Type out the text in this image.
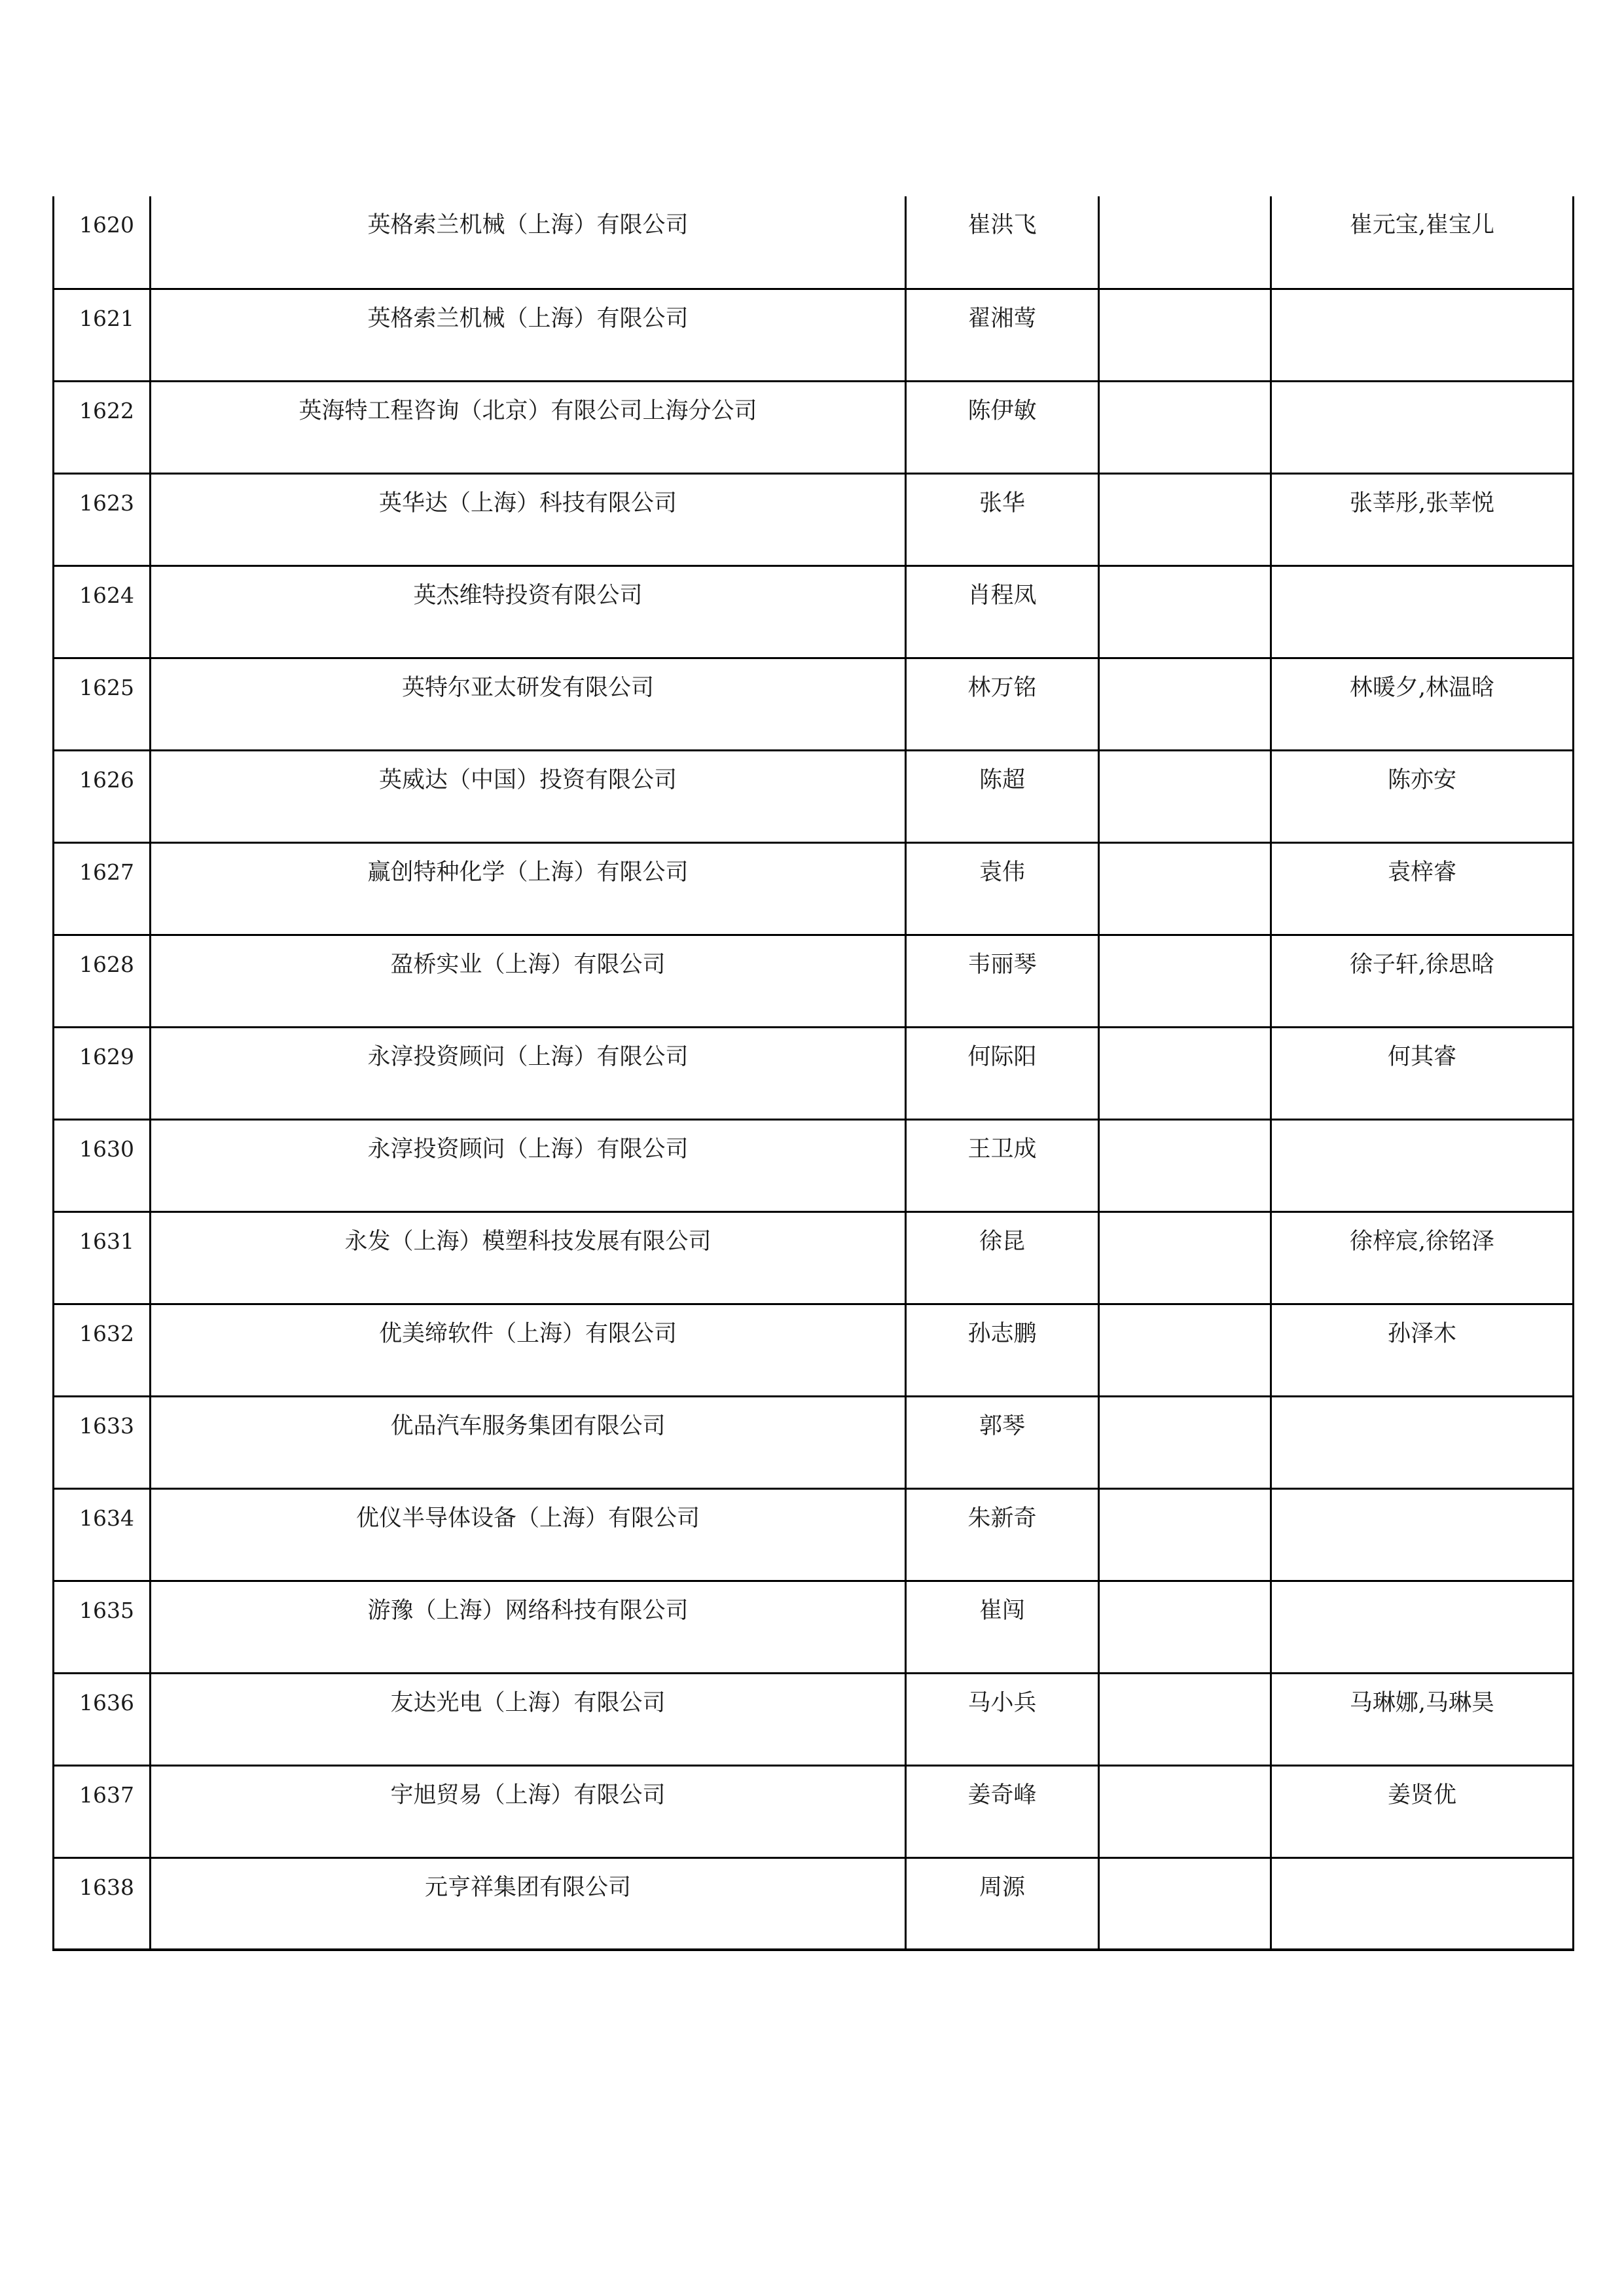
1620	英格索兰机械（上海）有限公司	崔洪飞		崔元宝,崔宝儿
1621	英格索兰机械（上海）有限公司	翟湘莺		
1622	英海特工程咨询（北京）有限公司上海分公司	陈伊敏		
1623	英华达（上海）科技有限公司	张华		张莘彤,张莘悦
1624	英杰维特投资有限公司	肖程凤		
1625	英特尔亚太研发有限公司	林万铭		林暖夕,林温晗
1626	英威达（中国）投资有限公司	陈超		陈亦安
1627	赢创特种化学（上海）有限公司	袁伟		袁梓睿
1628	盈桥实业（上海）有限公司	韦丽琴		徐子轩,徐思晗
1629	永淳投资顾问（上海）有限公司	何际阳		何其睿
1630	永淳投资顾问（上海）有限公司	王卫成		
1631	永发（上海）模塑科技发展有限公司	徐昆		徐梓宸,徐铭泽
1632	优美缔软件（上海）有限公司	孙志鹏		孙泽木
1633	优品汽车服务集团有限公司	郭琴		
1634	优仪半导体设备（上海）有限公司	朱新奇		
1635	游豫（上海）网络科技有限公司	崔闯		
1636	友达光电（上海）有限公司	马小兵		马琳娜,马琳昊
1637	宇旭贸易（上海）有限公司	姜奇峰		姜贤优
1638	元亨祥集团有限公司	周源		
